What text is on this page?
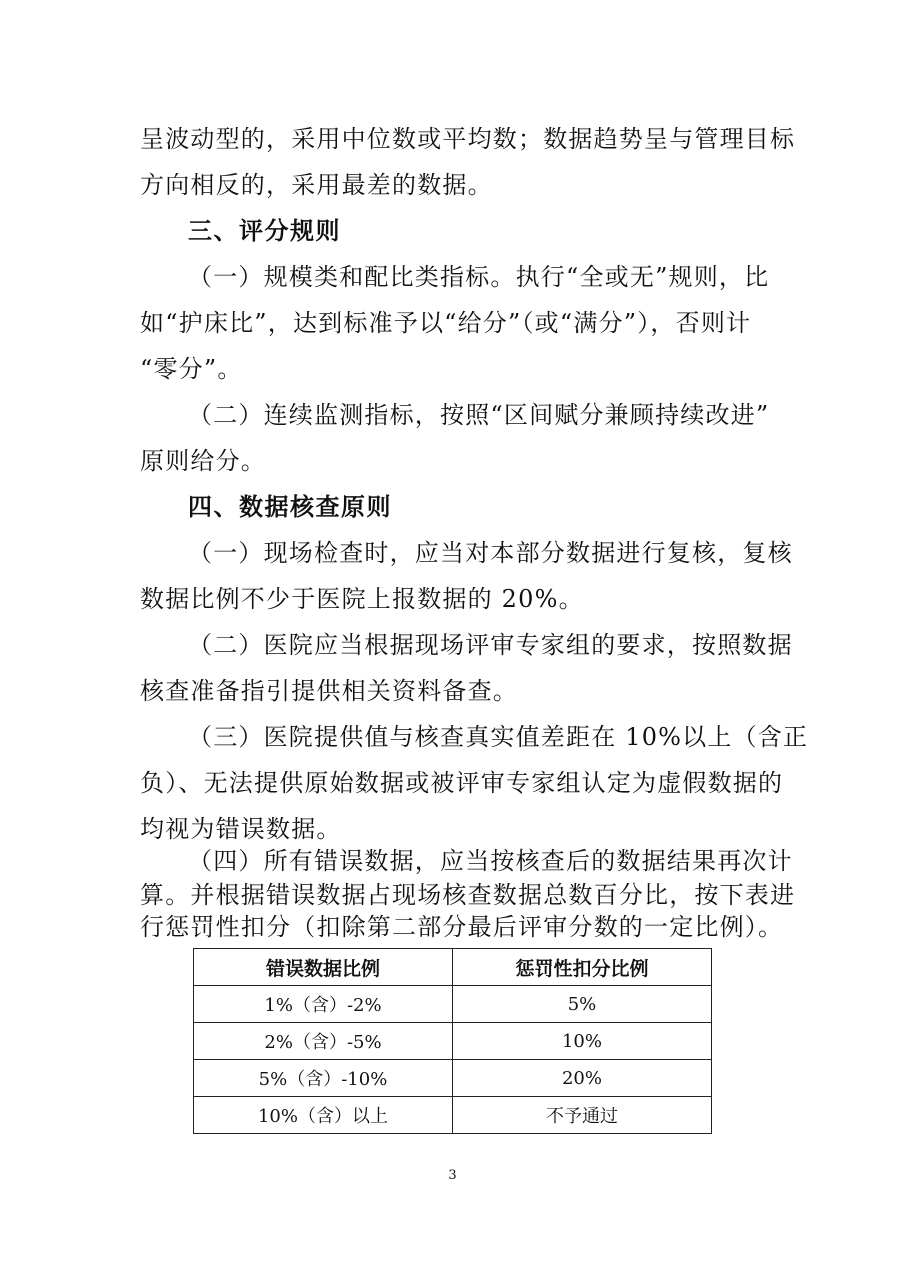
呈波动型的，采用中位数或平均数；数据趋势呈与管理目标
方向相反的，采用最差的数据。
三、评分规则
（一）规模类和配比类指标。执行“全或无”规则，比
如“护床比”，达到标准予以“给分”（或“满分”），否则计
“零分”。
（二）连续监测指标，按照“区间赋分兼顾持续改进”
原则给分。
四、数据核查原则
（一）现场检查时，应当对本部分数据进行复核，复核
数据比例不少于医院上报数据的 20%。
（二）医院应当根据现场评审专家组的要求，按照数据
核查准备指引提供相关资料备查。
（三）医院提供值与核查真实值差距在 10%以上（含正
负）、无法提供原始数据或被评审专家组认定为虚假数据的
均视为错误数据。
（四）所有错误数据，应当按核查后的数据结果再次计
算。并根据错误数据占现场核查数据总数百分比，按下表进
错误数据比例	惩罚性扣分比例
1%（含）-2%	5%
2%（含）-5%	10%
5%（含）-10%	20%
10%（含）以上	不予通过
3
行惩罚性扣分（扣除第二部分最后评审分数的一定比例）。
